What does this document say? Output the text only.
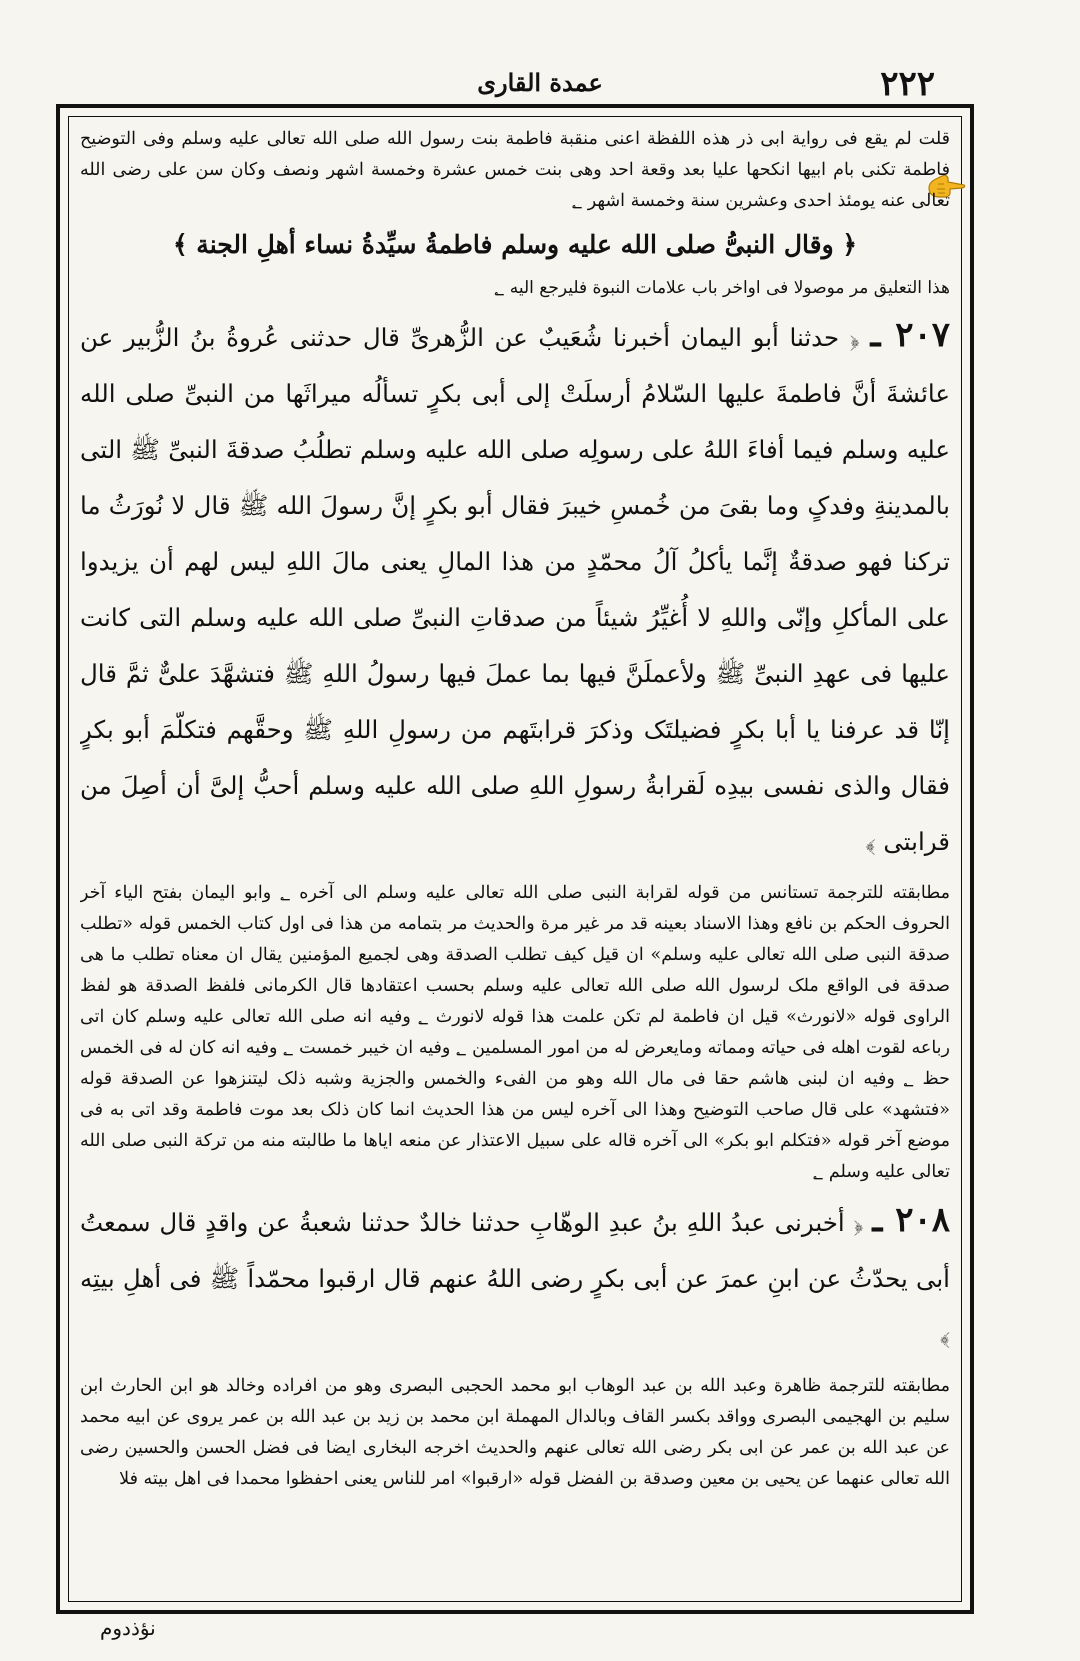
۲۲۲
عمدة القاری

قلت لم یقع فی روایة ابی ذر هذه اللفظة اعنی منقبة فاطمة بنت رسول الله صلی الله تعالی علیه وسلم وفی التوضیح فاطمة تکنی بام ابیها انکحها علیا بعد وقعة احد وهی بنت خمس عشرة وخمسة اشهر ونصف وکان سن علی رضی الله تعالی عنه یومئذ احدی وعشرین سنة وخمسة اشهر ؂

﴿ وقال النبیُّ صلی الله علیه وسلم فاطمةُ سیِّدةُ نساء أهلِ الجنة ﴾

هذا التعلیق مر موصولا فی اواخر باب علامات النبوة فلیرجع الیه ؂

۲۰۷ ـ ﴿ حدثنا أبو الیمان أخبرنا شُعَیبٌ عن الزُّهریِّ قال حدثنی عُروةُ بنُ الزُّبیر عن عائشةَ أنَّ فاطمةَ علیها السّلامُ أرسلَتْ إلی أبی بکرٍ تسألُه میراثَها من النبیِّ صلی الله علیه وسلم فیما أفاءَ اللهُ علی رسولِه صلی الله علیه وسلم تطلُبُ صدقةَ النبیِّ ﷺ التی بالمدینةِ وفدکٍ وما بقیَ من خُمسِ خیبرَ فقال أبو بکرٍ إنَّ رسولَ الله ﷺ قال لا نُورَثُ ما ترکنا فهو صدقةٌ إنَّما یأکلُ آلُ محمّدٍ من هذا المالِ یعنی مالَ اللهِ لیس لهم أن یزیدوا علی المأکلِ وإنّی واللهِ لا أُغیِّرُ شیئاً من صدقاتِ النبیِّ صلی الله علیه وسلم التی کانت علیها فی عهدِ النبیِّ ﷺ ولأعملَنَّ فیها بما عملَ فیها رسولُ اللهِ ﷺ فتشهَّدَ علیٌّ ثمَّ قال إنّا قد عرفنا یا أبا بکرٍ فضیلتَک وذکرَ قرابتَهم من رسولِ اللهِ ﷺ وحقَّهم فتکلّمَ أبو بکرٍ فقال والذی نفسی بیدِه لَقرابةُ رسولِ اللهِ صلی الله علیه وسلم أحبُّ إلیَّ أن أصِلَ من قرابتی ﴾

مطابقته للترجمة تستانس من قوله لقرابة النبی صلی الله تعالی علیه وسلم الی آخره ؂ وابو الیمان بفتح الیاء آخر الحروف الحکم بن نافع وهذا الاسناد بعینه قد مر غیر مرة والحدیث مر بتمامه من هذا فی اول کتاب الخمس قوله «تطلب صدقة النبی صلی الله تعالی علیه وسلم» ان قیل کیف تطلب الصدقة وهی لجمیع المؤمنین یقال ان معناه تطلب ما هی صدقة فی الواقع ملک لرسول الله صلی الله تعالی علیه وسلم بحسب اعتقادها قال الکرمانی فلفظ الصدقة هو لفظ الراوی قوله «لانورث» قیل ان فاطمة لم تکن علمت هذا قوله لانورث ؂ وفیه انه صلی الله تعالی علیه وسلم کان اتی رباعه لقوت اهله فی حیاته ومماته ومایعرض له من امور المسلمین ؂ وفیه ان خیبر خمست ؂ وفیه انه کان له فی الخمس حظ ؂ وفیه ان لبنی هاشم حقا فی مال الله وهو من الفیء والخمس والجزیة وشبه ذلک لیتنزهوا عن الصدقة قوله «فتشهد» علی قال صاحب التوضیح وهذا الی آخره لیس من هذا الحدیث انما کان ذلک بعد موت فاطمة وقد اتی به فی موضع آخر قوله «فتکلم ابو بکر» الی آخره قاله علی سبیل الاعتذار عن منعه ایاها ما طالبته منه من ترکة النبی صلی الله تعالی علیه وسلم ؂

۲۰۸ ـ ﴿ أخبرنی عبدُ اللهِ بنُ عبدِ الوهّابِ حدثنا خالدٌ حدثنا شعبةُ عن واقدٍ قال سمعتُ أبی یحدّثُ عن ابنِ عمرَ عن أبی بکرٍ رضی اللهُ عنهم قال ارقبوا محمّداً ﷺ فی أهلِ بیتِه ﴾

مطابقته للترجمة ظاهرة وعبد الله بن عبد الوهاب ابو محمد الحجبی البصری وهو من افراده وخالد هو ابن الحارث ابن سلیم بن الهجیمی البصری وواقد بکسر القاف وبالدال المهملة ابن محمد بن زید بن عبد الله بن عمر یروی عن ابیه محمد عن عبد الله بن عمر عن ابی بکر رضی الله تعالی عنهم والحدیث اخرجه البخاری ایضا فی فضل الحسن والحسین رضی الله تعالی عنهما عن یحیی بن معین وصدقة بن الفضل قوله «ارقبوا» امر للناس یعنی احفظوا محمدا فی اهل بیته فلا

نؤذدوم
